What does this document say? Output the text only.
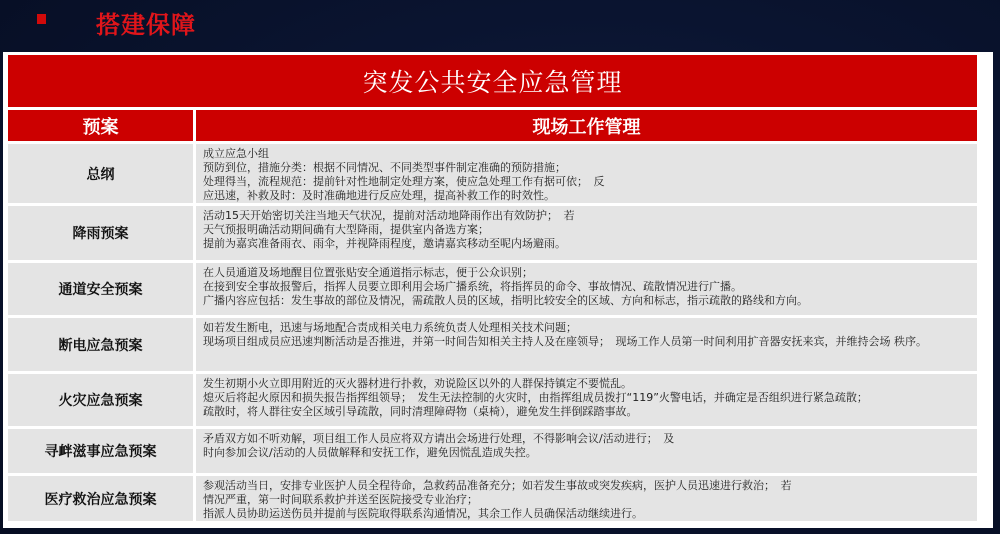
搭建保障
突发公共安全应急管理
预案	现场工作管理
总纲
成立应急小组
预防到位，措施分类：根据不同情况、不同类型事件制定准确的预防措施；
处理得当，流程规范：提前针对性地制定处理方案，使应急处理工作有据可依；　反
应迅速，补救及时：及时准确地进行反应处理，提高补救工作的时效性。
降雨预案
活动15天开始密切关注当地天气状况，提前对活动地降雨作出有效防护；　若
天气预报明确活动期间确有大型降雨，提供室内备选方案；
提前为嘉宾准备雨衣、雨伞，并视降雨程度，邀请嘉宾移动至呢内场避雨。
通道安全预案
在人员通道及场地醒目位置张贴安全通道指示标志，便于公众识别；
在接到安全事故报警后，指挥人员要立即利用会场广播系统，将指挥员的命令、事故情况、疏散情况进行广播。
广播内容应包括：发生事故的部位及情况，需疏散人员的区域，指明比较安全的区域、方向和标志，指示疏散的路线和方向。
断电应急预案
如若发生断电，迅速与场地配合责成相关电力系统负责人处理相关技术问题；
现场项目组成员应迅速判断活动是否推进，并第一时间告知相关主持人及在座领导；　现场工作人员第一时间利用扩音器安抚来宾，并维持会场 秩序。
火灾应急预案
发生初期小火立即用附近的灭火器材进行扑救，劝说险区以外的人群保持镇定不要慌乱。
熄灭后将起火原因和损失报告指挥组领导；　发生无法控制的火灾时，由指挥组成员拨打“119”火警电话，并确定是否组织进行紧急疏散；
疏散时，将人群往安全区域引导疏散，同时清理障碍物（桌椅），避免发生拌倒踩踏事故。
寻衅滋事应急预案
矛盾双方如不听劝解，项目组工作人员应将双方请出会场进行处理，不得影响会议/活动进行；　及
时向参加会议/活动的人员做解释和安抚工作，避免因慌乱造成失控。
医疗救治应急预案
参观活动当日，安排专业医护人员全程待命，急救药品准备充分；如若发生事故或突发疾病，医护人员迅速进行救治；　若
情况严重，第一时间联系救护并送至医院接受专业治疗；
指派人员协助运送伤员并提前与医院取得联系沟通情况，其余工作人员确保活动继续进行。
